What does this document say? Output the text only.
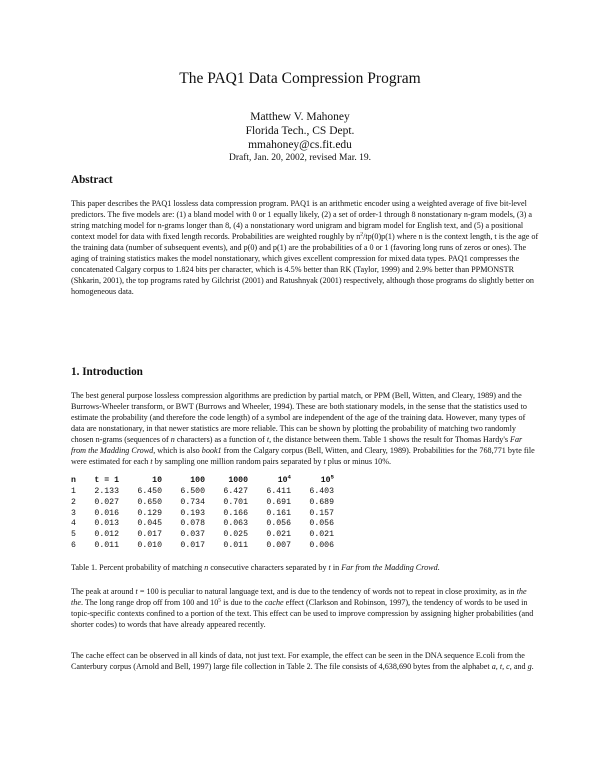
The PAQ1 Data Compression Program
Matthew V. Mahoney
Florida Tech., CS Dept.
mmahoney@cs.fit.edu
Draft, Jan. 20, 2002, revised Mar. 19.
Abstract

This paper describes the PAQ1 lossless data compression program. PAQ1 is an arithmetic encoder using a weighted average of five bit-level predictors. The five models are: (1) a bland model with 0 or 1 equally likely, (2) a set of order-1 through 8 nonstationary n-gram models, (3) a string matching model for n-grams longer than 8, (4) a nonstationary word unigram and bigram model for English text, and (5) a positional context model for data with fixed length records. Probabilities are weighted roughly by $n^2/tp(0)p(1)$ where n is the context length, t is the age of the training data (number of subsequent events), and p(0) and p(1) are the probabilities of a 0 or 1 (favoring long runs of zeros or ones). The aging of training statistics makes the model nonstationary, which gives excellent compression for mixed data types. PAQ1 compresses the concatenated Calgary corpus to 1.824 bits per character, which is 4.5% better than RK (Taylor, 1999) and 2.9% better than PPMONSTR (Shkarin, 2001), the top programs rated by Gilchrist (2001) and Ratushnyak (2001) respectively, although those programs do slightly better on homogeneous data.

1. Introduction

The best general purpose lossless compression algorithms are prediction by partial match, or PPM (Bell, Witten, and Cleary, 1989) and the Burrows-Wheeler transform, or BWT (Burrows and Wheeler, 1994). These are both stationary models, in the sense that the statistics used to estimate the probability (and therefore the code length) of a symbol are independent of the age of the training data. However, many types of data are nonstationary, in that newer statistics are more reliable. This can be shown by plotting the probability of matching two randomly chosen n-grams (sequences of n characters) as a function of t, the distance between them. Table 1 shows the result for Thomas Hardy's Far from the Madding Crowd, which is also book1 from the Calgary corpus (Bell, Witten, and Cleary, 1989). Probabilities for the 768,771 byte file were estimated for each t by sampling one million random pairs separated by t plus or minus 10%.

n t = 1	10	100	1000	$10^4$	$10^5$
1 2.133 6.450 6.500 6.427 6.411 6.403
2 0.027 0.650 0.734 0.701 0.691 0.689
3 0.016 0.129 0.193 0.166 0.161 0.157
4 0.013 0.045 0.078 0.063 0.056 0.056
5 0.012 0.017 0.037 0.025 0.021 0.021
6 0.011 0.010 0.017 0.011 0.007 0.006

Table 1. Percent probability of matching n consecutive characters separated by t in Far from the Madding Crowd.

The peak at around t = 100 is peculiar to natural language text, and is due to the tendency of words not to repeat in close proximity, as in the the. The long range drop off from 100 and $10^5$ is due to the cache effect (Clarkson and Robinson, 1997), the tendency of words to be used in topic-specific contexts confined to a portion of the text. This effect can be used to improve compression by assigning higher probabilities (and shorter codes) to words that have already appeared recently.

The cache effect can be observed in all kinds of data, not just text. For example, the effect can be seen in the DNA sequence E.coli from the Canterbury corpus (Arnold and Bell, 1997) large file collection in Table 2. The file consists of 4,638,690 bytes from the alphabet a, t, c, and g.
